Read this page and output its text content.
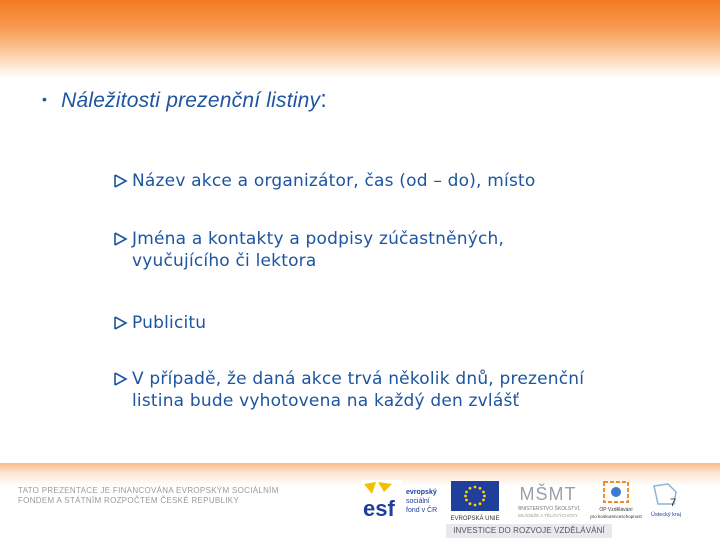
• Náležitosti prezenční listiny:
Název akce a organizátor, čas (od – do), místo
Jména a kontakty a podpisy zúčastněných,
vyučujícího či lektora
Publicitu
V případě, že daná akce trvá několik dnů, prezenční
listina bude vyhotovena na každý den zvlášť
TATO PREZENTACE JE FINANCOVÁNA EVROPSKÝM SOCIÁLNÍM
FONDEM A STÁTNÍM ROZPOČTEM ČESKÉ REPUBLIKY	esf
evropský
sociální
fond v ČR
EVROPSKÁ UNIE
MŠMT
MINISTERSTVO ŠKOLSTVÍ,
MLÁDEŽE A TĚLOVÝCHOVY
OP Vzdělávání
pro konkurenceschopnost Ústecký kraj
7
INVESTICE DO ROZVOJE VZDĚLÁVÁNÍ
